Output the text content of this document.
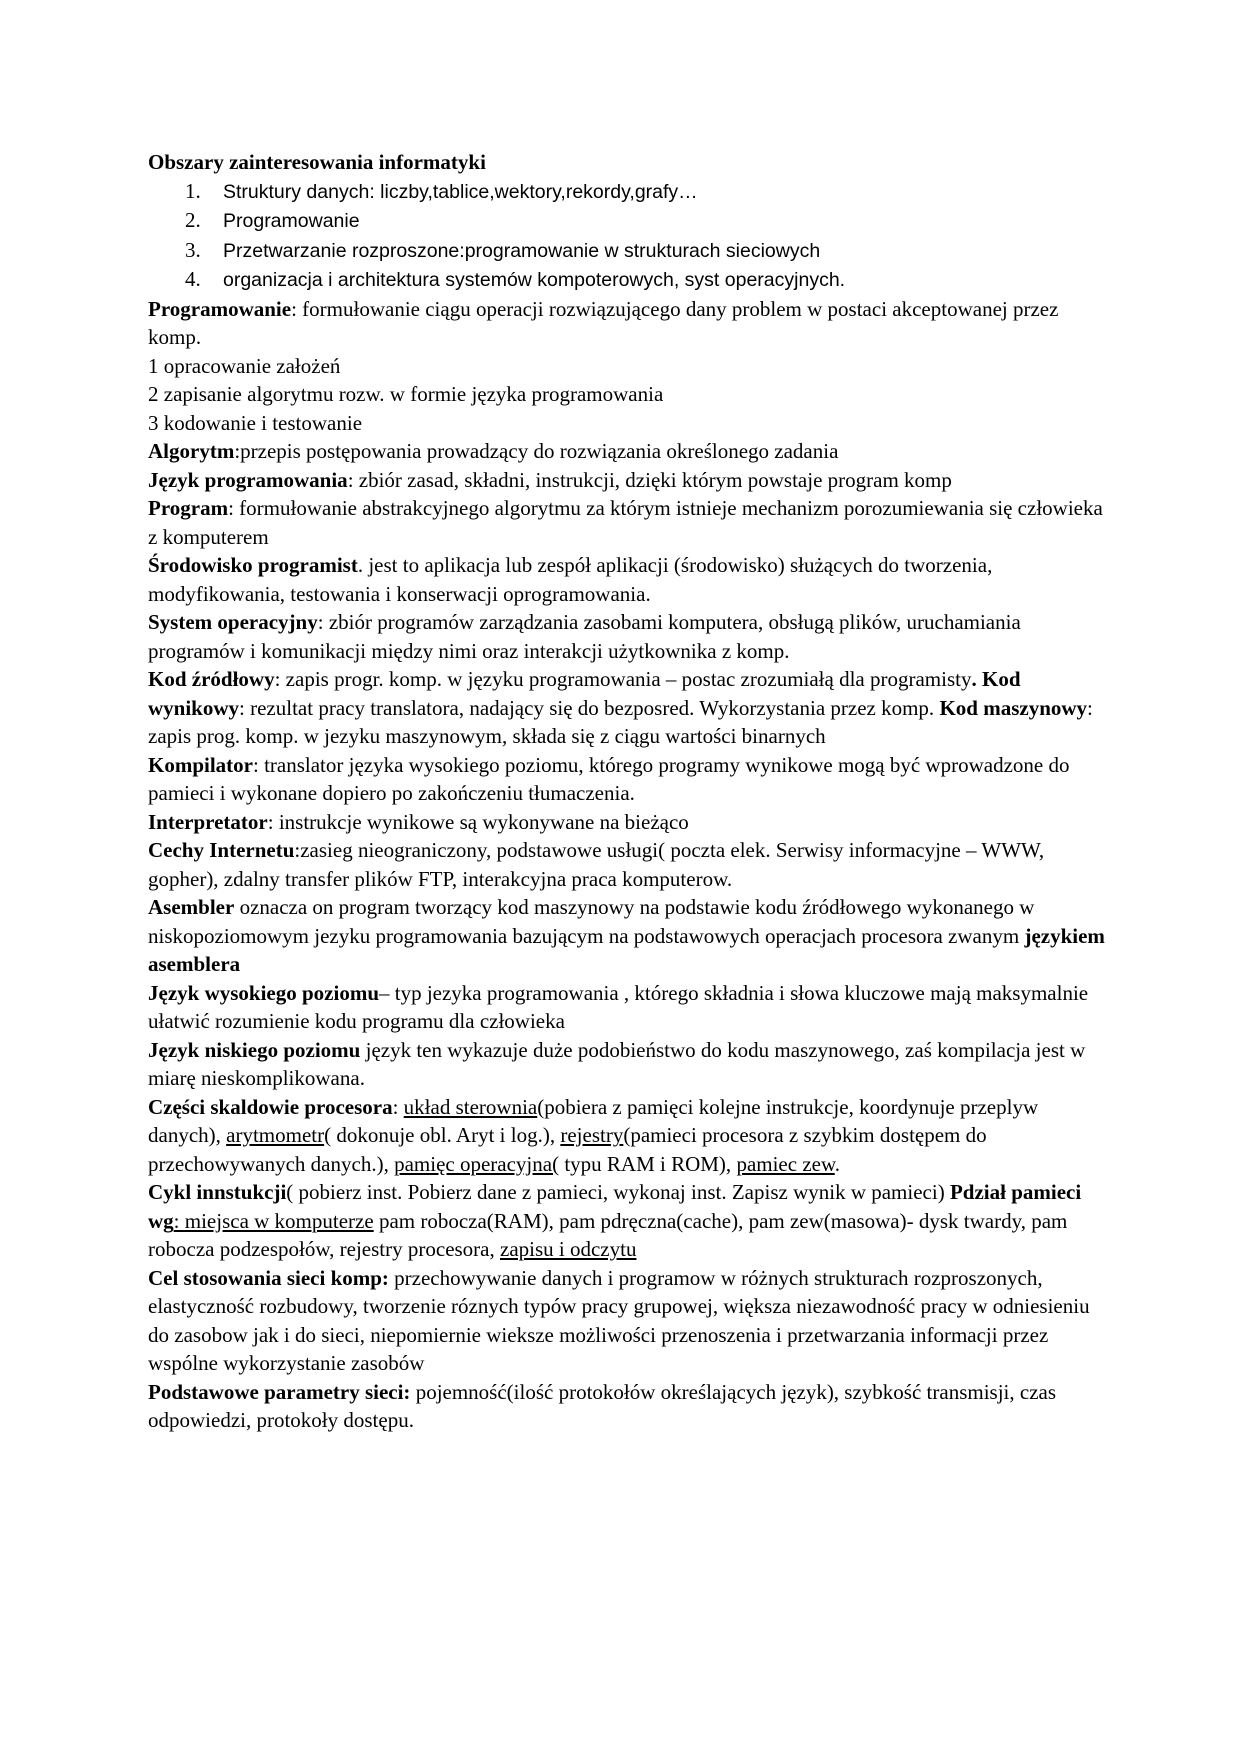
Obszary zainteresowania informatyki

1. Struktury danych: liczby,tablice,wektory,rekordy,grafy…
2. Programowanie
3. Przetwarzanie rozproszone:programowanie w strukturach sieciowych
4. organizacja i architektura systemów kompoterowych, syst operacyjnych.

Programowanie: formułowanie ciągu operacji rozwiązującego dany problem w postaci akceptowanej przez komp.

1 opracowanie założeń

2 zapisanie algorytmu rozw. w formie języka programowania

3 kodowanie i testowanie

Algorytm:przepis postępowania prowadzący do rozwiązania określonego zadania

Język programowania: zbiór zasad, składni, instrukcji, dzięki którym powstaje program komp

Program: formułowanie abstrakcyjnego algorytmu za którym istnieje mechanizm porozumiewania się człowieka z komputerem

Środowisko programist. jest to aplikacja lub zespół aplikacji (środowisko) służących do tworzenia, modyfikowania, testowania i konserwacji oprogramowania.

System operacyjny: zbiór programów zarządzania zasobami komputera, obsługą plików, uruchamiania programów i komunikacji między nimi oraz interakcji użytkownika z komp.

Kod źródłowy: zapis progr. komp. w języku programowania – postac zrozumiałą dla programisty. Kod wynikowy: rezultat pracy translatora, nadający się do bezposred. Wykorzystania przez komp. Kod maszynowy: zapis prog. komp. w jezyku maszynowym, składa się z ciągu wartości binarnych

Kompilator: translator języka wysokiego poziomu, którego programy wynikowe mogą być wprowadzone do pamieci i wykonane dopiero po zakończeniu tłumaczenia.

Interpretator: instrukcje wynikowe są wykonywane na bieżąco

Cechy Internetu:zasieg nieograniczony, podstawowe usługi( poczta elek. Serwisy informacyjne – WWW, gopher), zdalny transfer plików FTP, interakcyjna praca komputerow.

Asembler oznacza on program tworzący kod maszynowy na podstawie kodu źródłowego wykonanego w niskopoziomowym jezyku programowania bazującym na podstawowych operacjach procesora zwanym językiem asemblera

Język wysokiego poziomu– typ jezyka programowania , którego składnia i słowa kluczowe mają maksymalnie ułatwić rozumienie kodu programu dla człowieka

Język niskiego poziomu język ten wykazuje duże podobieństwo do kodu maszynowego, zaś kompilacja jest w miarę nieskomplikowana.

Części skaldowie procesora: układ sterownia(pobiera z pamięci kolejne instrukcje, koordynuje przeplyw danych), arytmometr( dokonuje obl. Aryt i log.), rejestry(pamieci procesora z szybkim dostępem do przechowywanych danych.), pamięc operacyjna( typu RAM i ROM), pamiec zew.

Cykl innstukcji( pobierz inst. Pobierz dane z pamieci, wykonaj inst. Zapisz wynik w pamieci) Pdział pamieci wg: miejsca w komputerze pam robocza(RAM), pam pdręczna(cache), pam zew(masowa)- dysk twardy, pam robocza podzespołów, rejestry procesora, zapisu i odczytu

Cel stosowania sieci komp: przechowywanie danych i programow w różnych strukturach rozproszonych, elastyczność rozbudowy, tworzenie róznych typów pracy grupowej, większa niezawodność pracy w odniesieniu do zasobow jak i do sieci, niepomiernie wieksze możliwości przenoszenia i przetwarzania informacji przez wspólne wykorzystanie zasobów

Podstawowe parametry sieci: pojemność(ilość protokołów określających język), szybkość transmisji, czas odpowiedzi, protokoły dostępu.
